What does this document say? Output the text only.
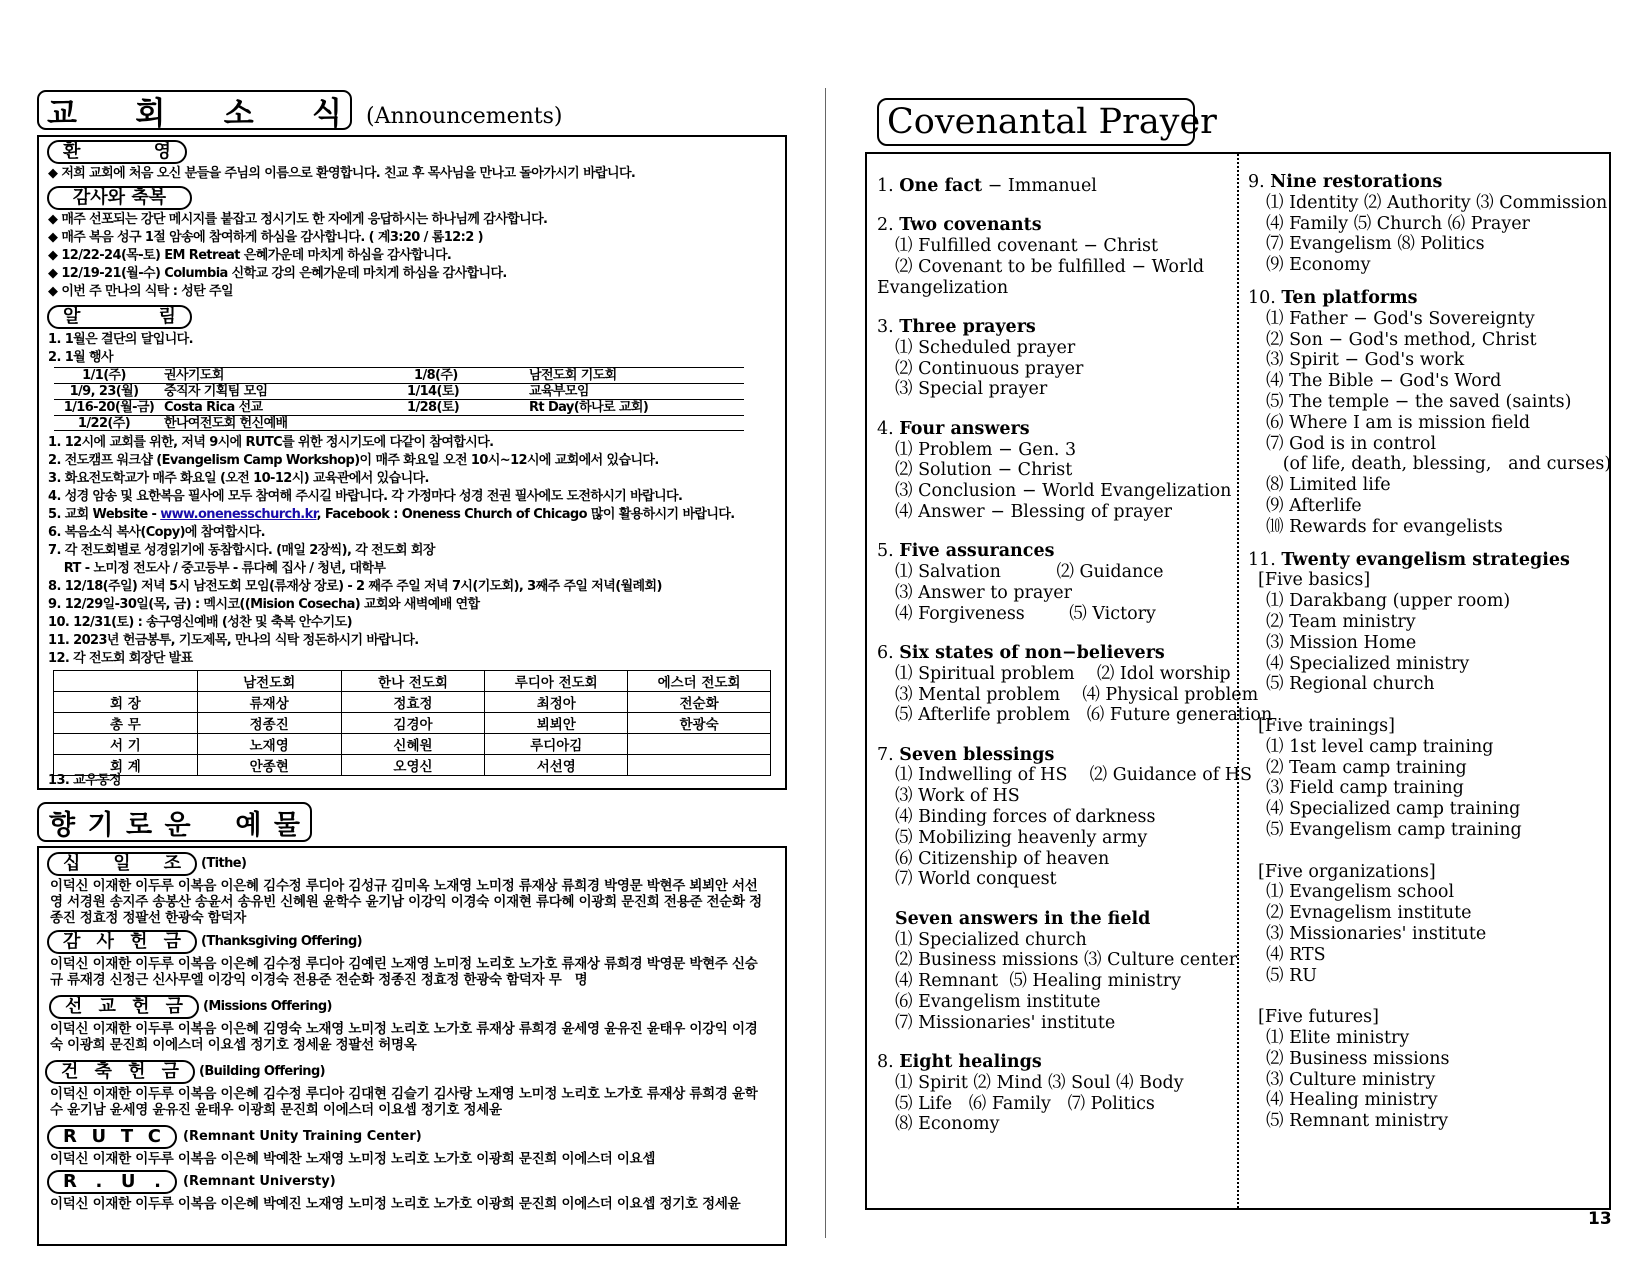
교 회 소 식 (Announcements)
환	영
◆ 저희 교회에 처음 오신 분들을 주님의 이름으로 환영합니다. 친교 후 목사님을 만나고 돌아가시기 바랍니다.
감사와 축복
◆ 매주 선포되는 강단 메시지를 붙잡고 정시기도 한 자에게 응답하시는 하나님께 감사합니다.
◆ 매주 복음 성구 1절 암송에 참여하게 하심을 감사합니다. ( 계3:20 / 롬12:2 )
◆ 12/22-24(목-토) EM Retreat 은혜가운데 마치게 하심을 감사합니다.
◆ 12/19-21(월-수) Columbia 신학교 강의 은혜가운데 마치게 하심을 감사합니다.
◆ 이번 주 만나의 식탁 : 성탄 주일
알	림
1. 1월은 결단의 달입니다.
2. 1월 행사
1/1(주)	권사기도회	1/8(주)	남전도회 기도회
1/9, 23(월)	중직자 기획팀 모임	1/14(토)	교육부모임
1/16-20(월-금) Costa Rica 선교	1/28(토)	Rt Day(하나로 교회)
1/22(주)	한나여전도회 헌신예배
1. 12시에 교회를 위한, 저녁 9시에 RUTC를 위한 정시기도에 다같이 참여합시다.
2. 전도캠프 워크샵 (Evangelism Camp Workshop)이 매주 화요일 오전 10시~12시에 교회에서 있습니다.
3. 화요전도학교가 매주 화요일 (오전 10-12시) 교육관에서 있습니다.
4. 성경 암송 및 요한복음 필사에 모두 참여해 주시길 바랍니다. 각 가정마다 성경 전권 필사에도 도전하시기 바랍니다.
5. 교회 Website - www.onenesschurch.kr, Facebook : Oneness Church of Chicago 많이 활용하시기 바랍니다.
6. 복음소식 복사(Copy)에 참여합시다.
7. 각 전도회별로 성경읽기에 동참합시다. (매일 2장씩), 각 전도회 회장
RT - 노미정 전도사 / 중고등부 - 류다혜 집사 / 청년, 대학부
8. 12/18(주일) 저녁 5시 남전도회 모임(류재상 장로) - 2 째주 주일 저녁 7시(기도회), 3째주 주일 저녁(월례회)
9. 12/29일-30일(목, 금) : 멕시코((Mision Cosecha) 교회와 새벽예배 연합
10. 12/31(토) : 송구영신예배 (성찬 및 축복 안수기도)
11. 2023년 헌금봉투, 기도제목, 만나의 식탁 정돈하시기 바랍니다.
12. 각 전도회 회장단 발표
	남전도회	한나 전도회	루디아 전도회	에스더 전도회
회 장	류재상	정효정	최정아	전순화
총 무	정종진	김경아	뵈뵈안	한광숙
서 기	노재영	신혜원	루디아김	
회 계	안종현	오영신	서선영	
13. 교우동정
향 기 로 운 예 물
십 일 조 (Tithe)
이덕신 이재한 이두루 이복음 이은혜 김수정 루디아 김성규 김미옥 노재영 노미정 류재상 류희경 박영문 박현주 뵈뵈안 서선영 서경원 송지주 송봉산 송윤서 송유빈 신혜원 윤학수 윤기남 이강익 이경숙 이재현 류다혜 이광희 문진희 전용준 전순화 정종진 정효정 정팔선 한광숙 함덕자
감 사 헌 금 (Thanksgiving Offering)
이덕신 이재한 이두루 이복음 이은혜 김수정 루디아 김예린 노재영 노미정 노리호 노가호 류재상 류희경 박영문 박현주 신승규 류재경 신정근 신사무엘 이강익 이경숙 전용준 전순화 정종진 정효정 한광숙 함덕자 무   명
선 교 헌 금 (Missions Offering)
이덕신 이재한 이두루 이복음 이은혜 김영숙 노재영 노미정 노리호 노가호 류재상 류희경 윤세영 윤유진 윤태우 이강익 이경숙 이광희 문진희 이에스더 이요셉 정기호 정세윤 정팔선 허명옥
건 축 헌 금 (Building Offering)
이덕신 이재한 이두루 이복음 이은혜 김수정 루디아 김대현 김슬기 김사랑 노재영 노미정 노리호 노가호 류재상 류희경 윤학수 윤기남 윤세영 윤유진 윤태우 이광희 문진희 이에스더 이요셉 정기호 정세윤
R U T C (Remnant Unity Training Center)
이덕신 이재한 이두루 이복음 이은혜 박예찬 노재영 노미정 노리호 노가호 이광희 문진희 이에스더 이요셉
R . U . (Remnant Universty)
이덕신 이재한 이두루 이복음 이은혜 박예진 노재영 노미정 노리호 노가호 이광희 문진희 이에스더 이요셉 정기호 정세윤
Covenantal Prayer
1. One fact − Immanuel
2. Two covenants
⑴ Fulfilled covenant − Christ
⑵ Covenant to be fulfilled − World
Evangelization
3. Three prayers
⑴ Scheduled prayer
⑵ Continuous prayer
⑶ Special prayer
4. Four answers
⑴ Problem − Gen. 3
⑵ Solution − Christ
⑶ Conclusion − World Evangelization
⑷ Answer − Blessing of prayer
5. Five assurances
⑴ Salvation          ⑵ Guidance
⑶ Answer to prayer
⑷ Forgiveness        ⑸ Victory
6. Six states of non−believers
⑴ Spiritual problem    ⑵ Idol worship
⑶ Mental problem    ⑷ Physical problem
⑸ Afterlife problem   ⑹ Future generation
7. Seven blessings
⑴ Indwelling of HS    ⑵ Guidance of HS
⑶ Work of HS
⑷ Binding forces of darkness
⑸ Mobilizing heavenly army
⑹ Citizenship of heaven
⑺ World conquest
Seven answers in the field
⑴ Specialized church
⑵ Business missions ⑶ Culture center
⑷ Remnant  ⑸ Healing ministry
⑹ Evangelism institute
⑺ Missionaries' institute
8. Eight healings
⑴ Spirit ⑵ Mind ⑶ Soul ⑷ Body
⑸ Life   ⑹ Family   ⑺ Politics
⑻ Economy
9. Nine restorations
⑴ Identity ⑵ Authority ⑶ Commission
⑷ Family ⑸ Church ⑹ Prayer
⑺ Evangelism ⑻ Politics
⑼ Economy
10. Ten platforms
⑴ Father − God's Sovereignty
⑵ Son − God's method, Christ
⑶ Spirit − God's work
⑷ The Bible − God's Word
⑸ The temple − the saved (saints)
⑹ Where I am is mission field
⑺ God is in control
(of life, death, blessing,   and curses)
⑻ Limited life
⑼ Afterlife
⑽ Rewards for evangelists
11. Twenty evangelism strategies
[Five basics]
⑴ Darakbang (upper room)
⑵ Team ministry
⑶ Mission Home
⑷ Specialized ministry
⑸ Regional church
[Five trainings]
⑴ 1st level camp training
⑵ Team camp training
⑶ Field camp training
⑷ Specialized camp training
⑸ Evangelism camp training
[Five organizations]
⑴ Evangelism school
⑵ Evnagelism institute
⑶ Missionaries' institute
⑷ RTS
⑸ RU
[Five futures]
⑴ Elite ministry
⑵ Business missions
⑶ Culture ministry
⑷ Healing ministry
⑸ Remnant ministry
13
